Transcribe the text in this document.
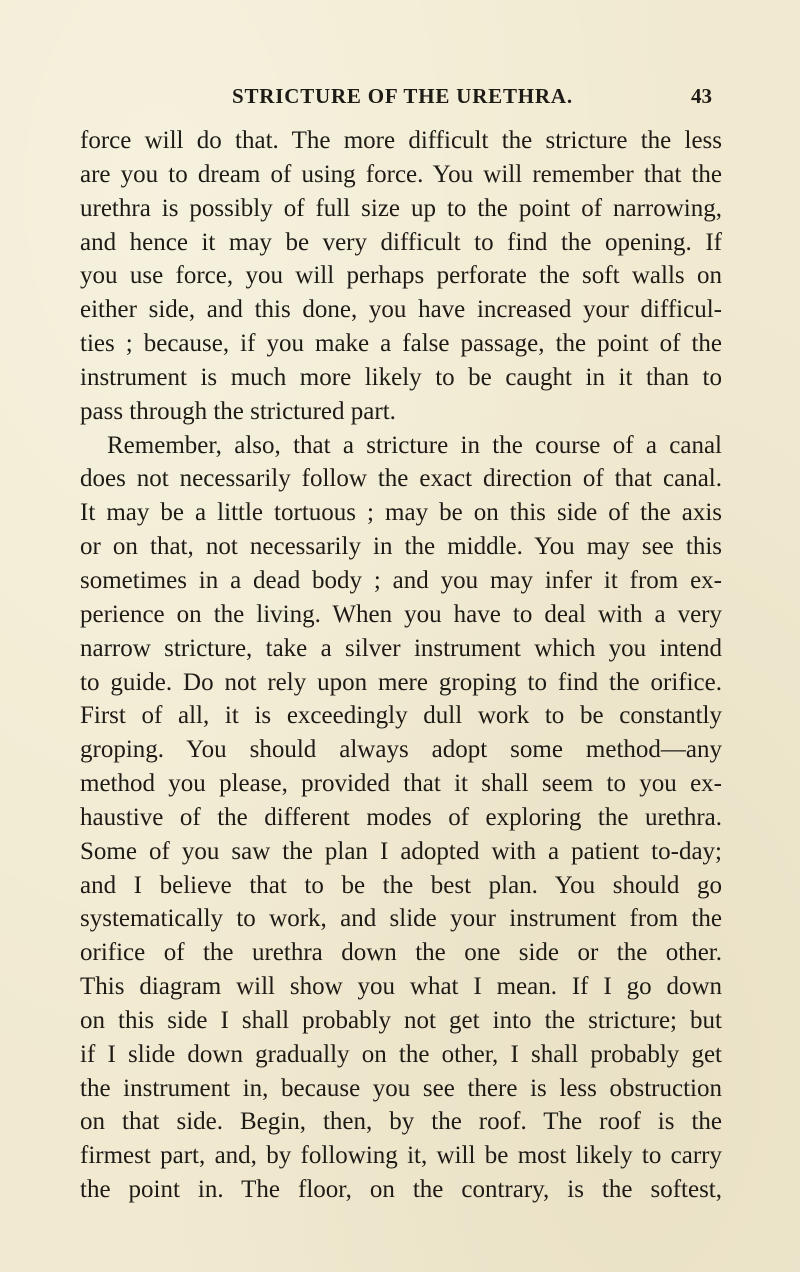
STRICTURE OF THE URETHRA.	43
force will do that. The more difficult the stricture the less
are you to dream of using force. You will remember that the
urethra is possibly of full size up to the point of narrowing,
and hence it may be very difficult to find the opening. If
you use force, you will perhaps perforate the soft walls on
either side, and this done, you have increased your difficul-
ties ; because, if you make a false passage, the point of the
instrument is much more likely to be caught in it than to
pass through the strictured part.
Remember, also, that a stricture in the course of a canal
does not necessarily follow the exact direction of that canal.
It may be a little tortuous ; may be on this side of the axis
or on that, not necessarily in the middle. You may see this
sometimes in a dead body ; and you may infer it from ex-
perience on the living. When you have to deal with a very
narrow stricture, take a silver instrument which you intend
to guide. Do not rely upon mere groping to find the orifice.
First of all, it is exceedingly dull work to be constantly
groping. You should always adopt some method—any
method you please, provided that it shall seem to you ex-
haustive of the different modes of exploring the urethra.
Some of you saw the plan I adopted with a patient to-day;
and I believe that to be the best plan. You should go
systematically to work, and slide your instrument from the
orifice of the urethra down the one side or the other.
This diagram will show you what I mean. If I go down
on this side I shall probably not get into the stricture; but
if I slide down gradually on the other, I shall probably get
the instrument in, because you see there is less obstruction
on that side. Begin, then, by the roof. The roof is the
firmest part, and, by following it, will be most likely to carry
the point in. The floor, on the contrary, is the softest,
